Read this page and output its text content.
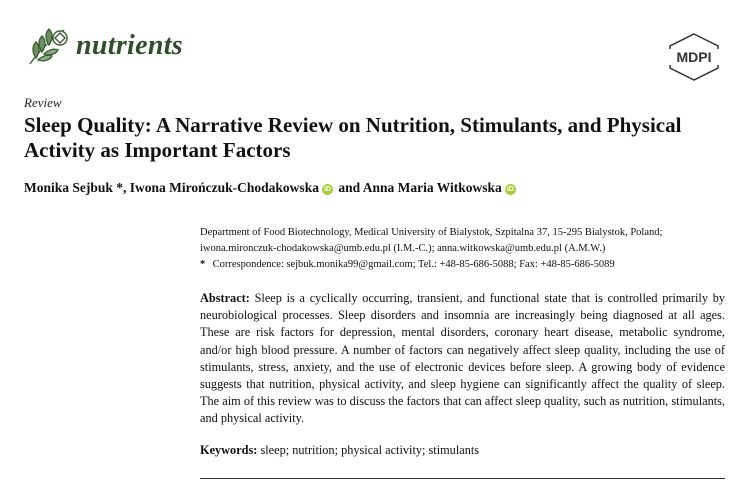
nutrients	MDPI
Review
Sleep Quality: A Narrative Review on Nutrition, Stimulants, and Physical Activity as Important Factors
Monika Sejbuk *, Iwona Mirończuk-Chodakowska iD and Anna Maria Witkowska iD
Department of Food Biotechnology, Medical University of Bialystok, Szpitalna 37, 15-295 Bialystok, Poland;
iwona.mironczuk-chodakowska@umb.edu.pl (I.M.-C.); anna.witkowska@umb.edu.pl (A.M.W.)
* Correspondence: sejbuk.monika99@gmail.com; Tel.: +48-85-686-5088; Fax: +48-85-686-5089

Abstract: Sleep is a cyclically occurring, transient, and functional state that is controlled primarily by neurobiological processes. Sleep disorders and insomnia are increasingly being diagnosed at all ages. These are risk factors for depression, mental disorders, coronary heart disease, metabolic syndrome, and/or high blood pressure. A number of factors can negatively affect sleep quality, including the use of stimulants, stress, anxiety, and the use of electronic devices before sleep. A growing body of evidence suggests that nutrition, physical activity, and sleep hygiene can significantly affect the quality of sleep. The aim of this review was to discuss the factors that can affect sleep quality, such as nutrition, stimulants, and physical activity.

Keywords: sleep; nutrition; physical activity; stimulants
